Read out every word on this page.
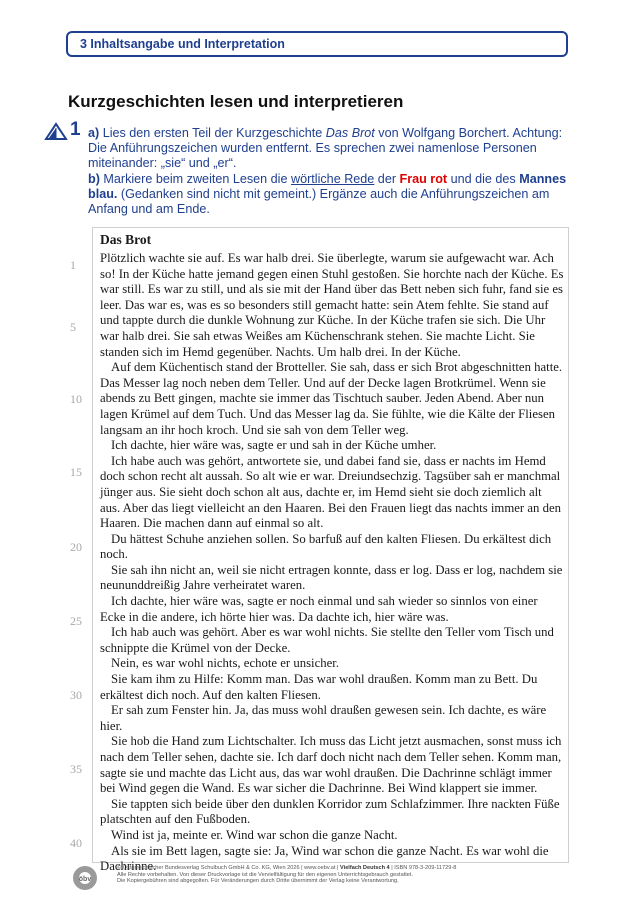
3 Inhaltsangabe und Interpretation
Kurzgeschichten lesen und interpretieren
1 a) Lies den ersten Teil der Kurzgeschichte Das Brot von Wolfgang Borchert. Achtung: Die Anführungszeichen wurden entfernt. Es sprechen zwei namenlose Personen miteinander: „sie“ und „er“.
b) Markiere beim zweiten Lesen die wörtliche Rede der Frau rot und die des Mannes blau. (Gedanken sind nicht mit gemeint.) Ergänze auch die Anführungszeichen am Anfang und am Ende.
Das Brot

Plötzlich wachte sie auf. Es war halb drei. Sie überlegte, warum sie aufgewacht war. Ach so! In der Küche hatte jemand gegen einen Stuhl gestoßen. Sie horchte nach der Küche. Es war still. Es war zu still, und als sie mit der Hand über das Bett neben sich fuhr, fand sie es leer. Das war es, was es so besonders still gemacht hatte: sein Atem fehlte. Sie stand auf und tappte durch die dunkle Wohnung zur Küche. In der Küche trafen sie sich. Die Uhr war halb drei. Sie sah etwas Weißes am Küchenschrank stehen. Sie machte Licht. Sie standen sich im Hemd gegenüber. Nachts. Um halb drei. In der Küche.

Auf dem Küchentisch stand der Brotteller. Sie sah, dass er sich Brot abgeschnitten hatte. Das Messer lag noch neben dem Teller. Und auf der Decke lagen Brotkrümel. Wenn sie abends zu Bett gingen, machte sie immer das Tischtuch sauber. Jeden Abend. Aber nun lagen Krümel auf dem Tuch. Und das Messer lag da. Sie fühlte, wie die Kälte der Fliesen langsam an ihr hoch kroch. Und sie sah von dem Teller weg.

Ich dachte, hier wäre was, sagte er und sah in der Küche umher.

Ich habe auch was gehört, antwortete sie, und dabei fand sie, dass er nachts im Hemd doch schon recht alt aussah. So alt wie er war. Dreiundsechzig. Tagsüber sah er manchmal jünger aus. Sie sieht doch schon alt aus, dachte er, im Hemd sieht sie doch ziemlich alt aus. Aber das liegt vielleicht an den Haaren. Bei den Frauen liegt das nachts immer an den Haaren. Die machen dann auf einmal so alt.

Du hättest Schuhe anziehen sollen. So barfuß auf den kalten Fliesen. Du erkältest dich noch.

Sie sah ihn nicht an, weil sie nicht ertragen konnte, dass er log. Dass er log, nachdem sie neununddreißig Jahre verheiratet waren.

Ich dachte, hier wäre was, sagte er noch einmal und sah wieder so sinnlos von einer Ecke in die andere, ich hörte hier was. Da dachte ich, hier wäre was.

Ich hab auch was gehört. Aber es war wohl nichts. Sie stellte den Teller vom Tisch und schnippte die Krümel von der Decke.

Nein, es war wohl nichts, echote er unsicher.

Sie kam ihm zu Hilfe: Komm man. Das war wohl draußen. Komm man zu Bett. Du erkältest dich noch. Auf den kalten Fliesen.

Er sah zum Fenster hin. Ja, das muss wohl draußen gewesen sein. Ich dachte, es wäre hier.

Sie hob die Hand zum Lichtschalter. Ich muss das Licht jetzt ausmachen, sonst muss ich nach dem Teller sehen, dachte sie. Ich darf doch nicht nach dem Teller sehen. Komm man, sagte sie und machte das Licht aus, das war wohl draußen. Die Dachrinne schlägt immer bei Wind gegen die Wand. Es war sicher die Dachrinne. Bei Wind klappert sie immer.

Sie tappten sich beide über den dunklen Korridor zum Schlafzimmer. Ihre nackten Füße platschten auf den Fußboden.

Wind ist ja, meinte er. Wind war schon die ganze Nacht.

Als sie im Bett lagen, sagte sie: Ja, Wind war schon die ganze Nacht. Es war wohl die Dachrinne.

1
5
10
15
20
25
30
35
40
öbv
© Österreichischer Bundesverlag Schulbuch GmbH & Co. KG, Wien 2026 | www.oebv.at | Vielfach Deutsch 4 | ISBN 978-3-209-11729-8
Alle Rechte vorbehalten. Von dieser Druckvorlage ist die Vervielfältigung für den eigenen Unterrichtsgebrauch gestattet.
Die Kopiergebühren sind abgegolten. Für Veränderungen durch Dritte übernimmt der Verlag keine Verantwortung.
